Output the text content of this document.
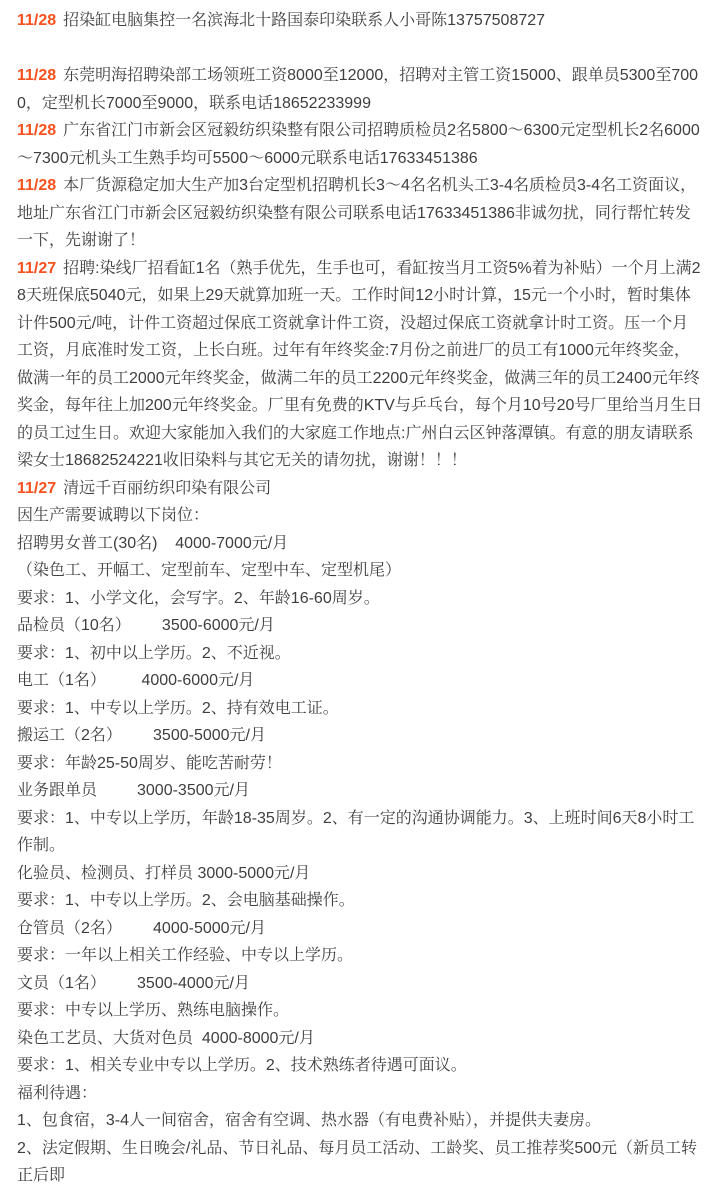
11/28 招染缸电脑集控一名滨海北十路国泰印染联系人小哥陈13757508727

11/28 东莞明海招聘染部工场领班工资8000至12000，招聘对主管工资15000、跟单员5300至7000，定型机长7000至9000，联系电话18652233999

11/28 广东省江门市新会区冠毅纺织染整有限公司招聘质检员2名5800～6300元定型机长2名6000～7300元机头工生熟手均可5500～6000元联系电话17633451386

11/28 本厂货源稳定加大生产加3台定型机招聘机长3～4名名机头工3-4名质检员3-4名工资面议，地址广东省江门市新会区冠毅纺织染整有限公司联系电话17633451386非诚勿扰，同行帮忙转发一下，先谢谢了！

11/27 招聘:染线厂招看缸1名（熟手优先，生手也可，看缸按当月工资5%着为补贴）一个月上满28天班保底5040元，如果上29天就算加班一天。工作时间12小时计算，15元一个小时，暂时集体计件500元/吨，计件工资超过保底工资就拿计件工资，没超过保底工资就拿计时工资。压一个月工资，月底准时发工资，上长白班。过年有年终奖金:7月份之前进厂的员工有1000元年终奖金，做满一年的员工2000元年终奖金，做满二年的员工2200元年终奖金，做满三年的员工2400元年终奖金，每年往上加200元年终奖金。厂里有免费的KTV与乒乓台，每个月10号20号厂里给当月生日的员工过生日。欢迎大家能加入我们的大家庭工作地点:广州白云区钟落潭镇。有意的朋友请联系梁女士18682524221收旧染料与其它无关的请勿扰，谢谢！！！

11/27 清远千百丽纺织印染有限公司

因生产需要诚聘以下岗位：

招聘男女普工(30名)    4000-7000元/月

（染色工、开幅工、定型前车、定型中车、定型机尾）

要求：1、小学文化，会写字。2、年龄16-60周岁。

品检员（10名）       3500-6000元/月

要求：1、初中以上学历。2、不近视。

电工（1名）        4000-6000元/月

要求：1、中专以上学历。2、持有效电工证。

搬运工（2名）       3500-5000元/月

要求：年龄25-50周岁、能吃苦耐劳！

业务跟单员         3000-3500元/月

要求：1、中专以上学历，年龄18-35周岁。2、有一定的沟通协调能力。3、上班时间6天8小时工作制。

化验员、检测员、打样员 3000-5000元/月

要求：1、中专以上学历。2、会电脑基础操作。

仓管员（2名）       4000-5000元/月

要求：一年以上相关工作经验、中专以上学历。

文员（1名）       3500-4000元/月

要求：中专以上学历、熟练电脑操作。

染色工艺员、大货对色员  4000-8000元/月

要求：1、相关专业中专以上学历。2、技术熟练者待遇可面议。

福利待遇：

1、包食宿，3-4人一间宿舍，宿舍有空调、热水器（有电费补贴），并提供夫妻房。

2、法定假期、生日晚会/礼品、节日礼品、每月员工活动、工龄奖、员工推荐奖500元（新员工转正后即
